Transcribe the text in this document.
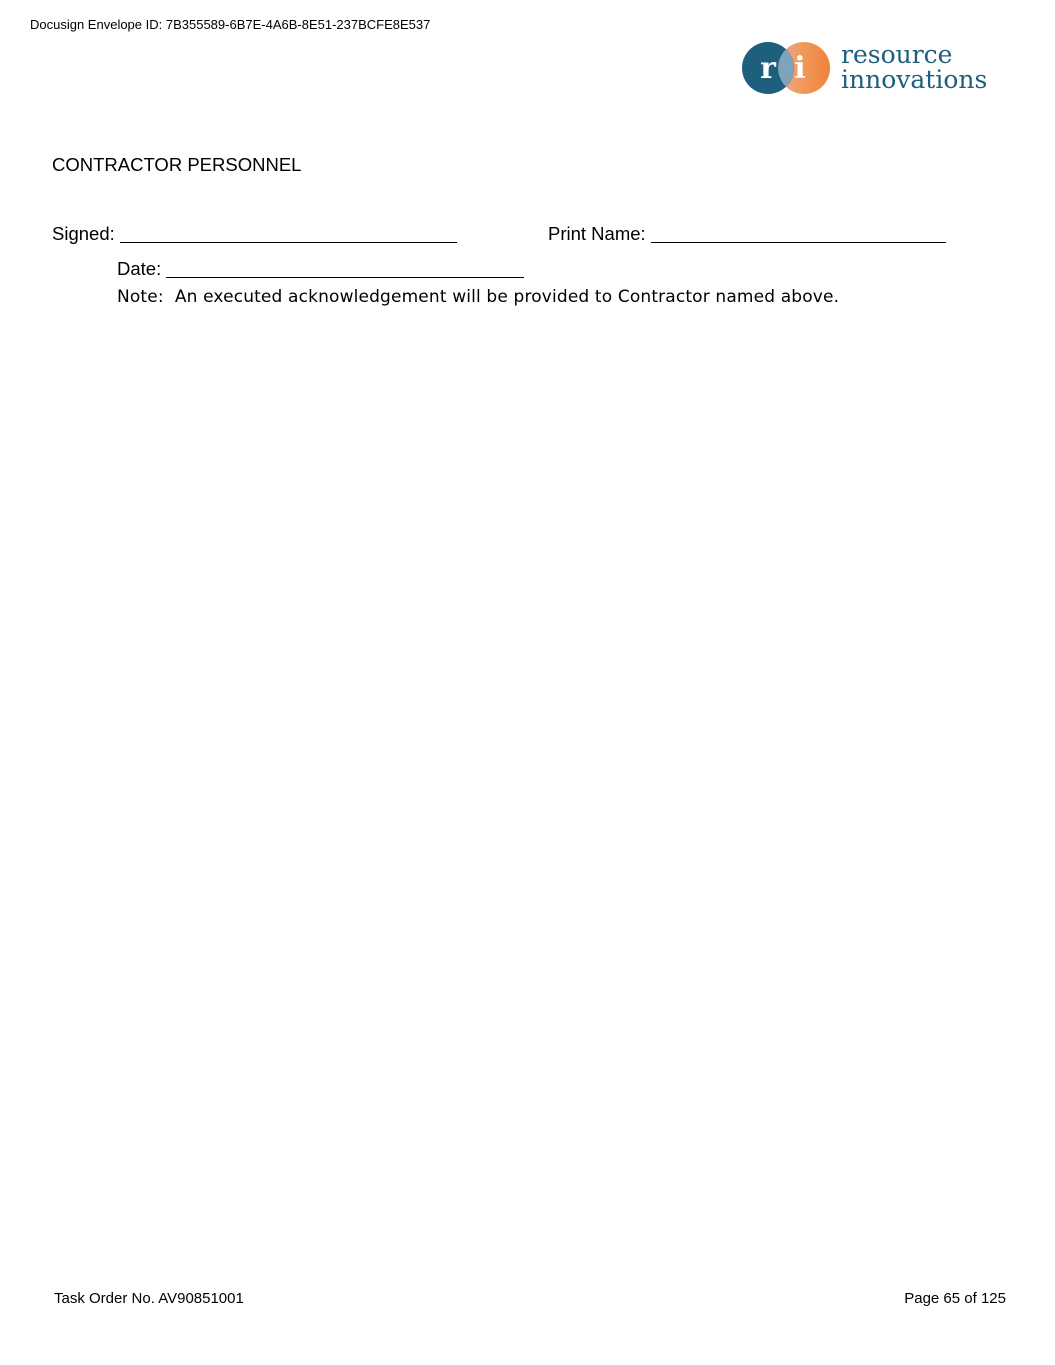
Docusign Envelope ID: 7B355589-6B7E-4A6B-8E51-237BCFE8E537
r i resource
innovations
CONTRACTOR PERSONNEL
Signed:	Print Name:
Date:
Note:  An executed acknowledgement will be provided to Contractor named above.
Task Order No. AV90851001	Page 65 of 125
